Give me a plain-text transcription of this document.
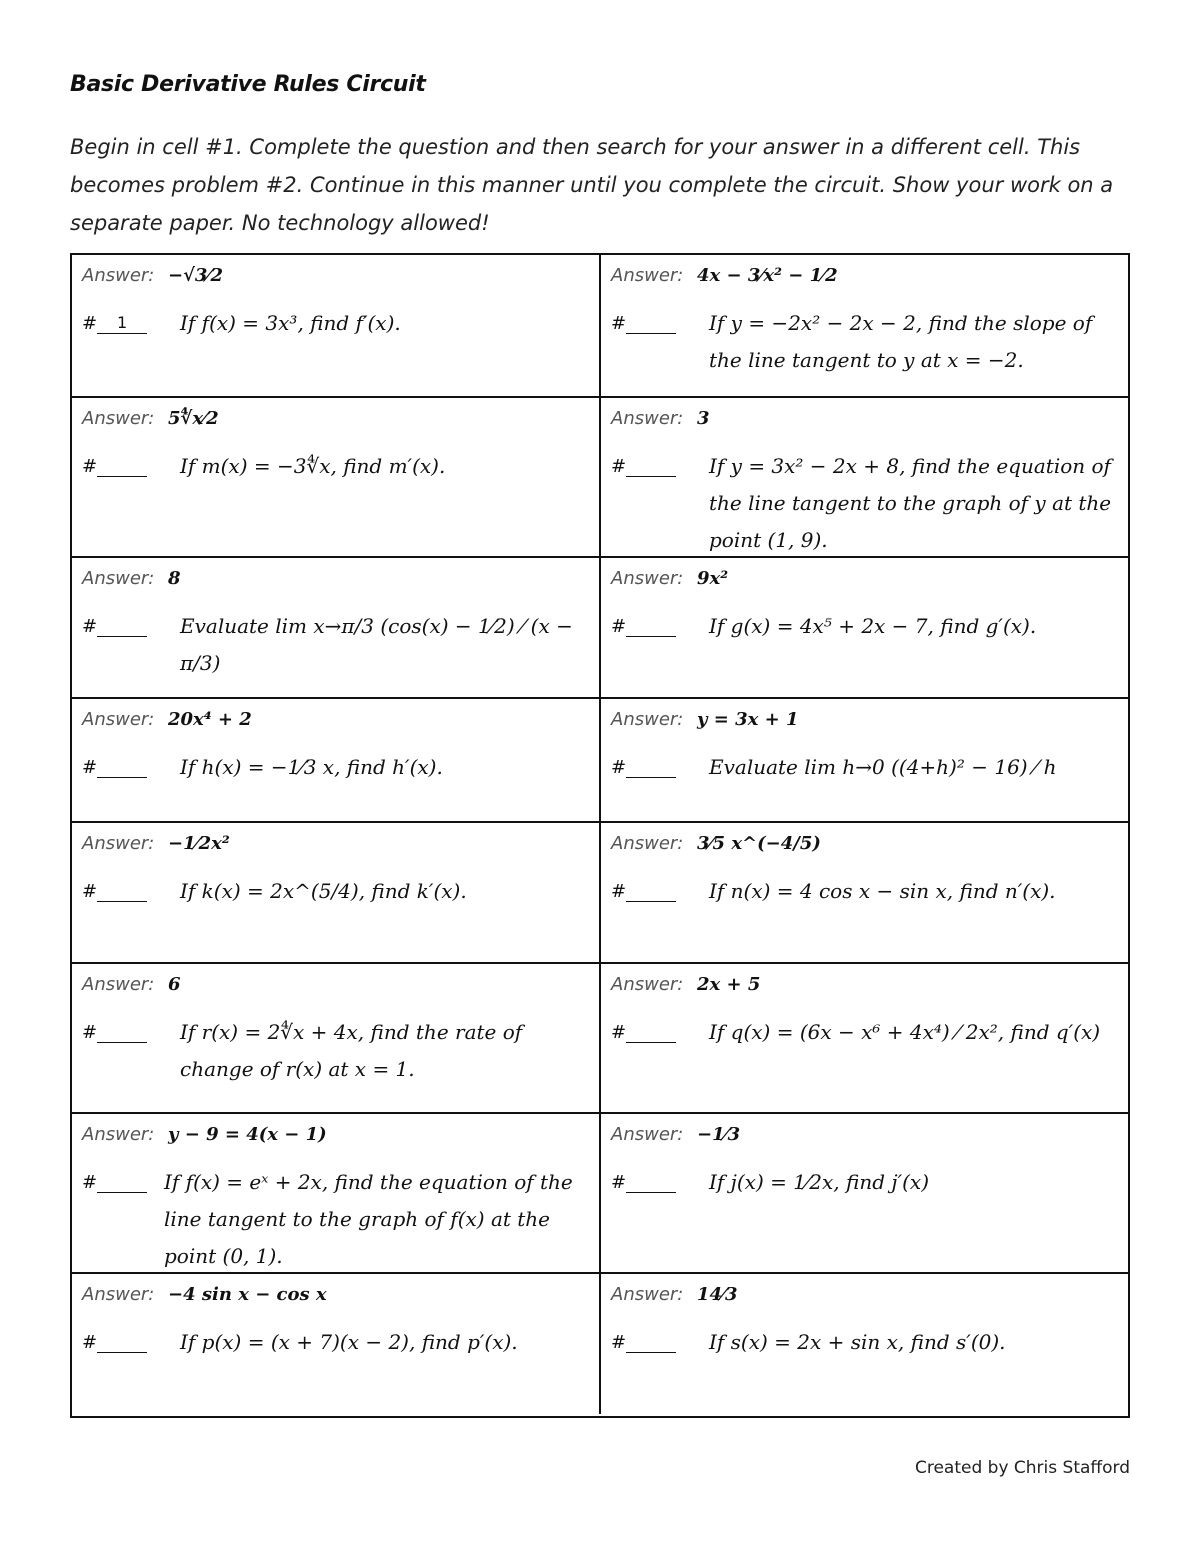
Basic Derivative Rules Circuit
Begin in cell #1. Complete the question and then search for your answer in a different cell. This becomes problem #2. Continue in this manner until you complete the circuit. Show your work on a separate paper. No technology allowed!
Answer: −√3⁄2
# 1	If f(x) = 3x³, find f′(x).
Answer: 4x − 3⁄x² − 1⁄2
#	If y = −2x² − 2x − 2, find the slope of the line tangent to y at x = −2.
Answer: 5∜x⁄2
#	If m(x) = −3∜x, find m′(x).
Answer: 3
#	If y = 3x² − 2x + 8, find the equation of the line tangent to the graph of y at the point (1, 9).
Answer: 8
#	Evaluate lim x→π/3 (cos(x) − 1⁄2) ⁄ (x − π/3)
Answer: 9x²
#	If g(x) = 4x⁵ + 2x − 7, find g′(x).
Answer: 20x⁴ + 2
#	If h(x) = −1⁄3 x, find h′(x).
Answer: y = 3x + 1
#	Evaluate lim h→0 ((4+h)² − 16) ⁄ h
Answer: −1⁄2x²
#	If k(x) = 2x^(5/4), find k′(x).
Answer: 3⁄5 x^(−4/5)
#	If n(x) = 4 cos x − sin x, find n′(x).
Answer: 6
#	If r(x) = 2∜x + 4x, find the rate of change of r(x) at x = 1.
Answer: 2x + 5
#	If q(x) = (6x − x⁶ + 4x⁴) ⁄ 2x², find q′(x)
Answer: y − 9 = 4(x − 1)
#	If f(x) = eˣ + 2x, find the equation of the line tangent to the graph of f(x) at the point (0, 1).
Answer: −1⁄3
#	If j(x) = 1⁄2x, find j′(x)
Answer: −4 sin x − cos x
#	If p(x) = (x + 7)(x − 2), find p′(x).
Answer: 14⁄3
#	If s(x) = 2x + sin x, find s′(0).
Created by Chris Stafford
